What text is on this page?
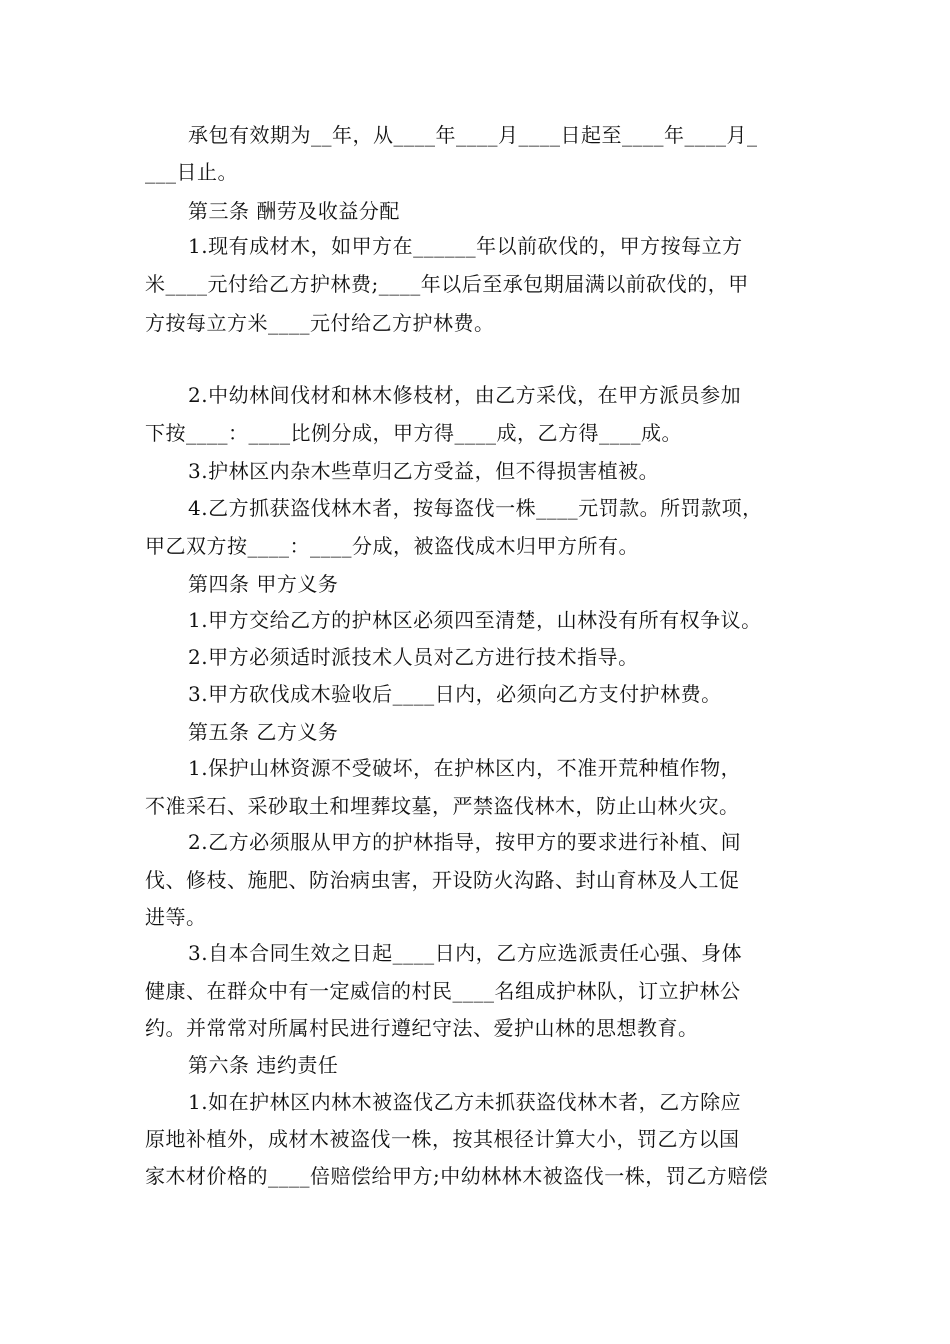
承包有效期为__年，从____年____月____日起至____年____月_
___日止。
第三条 酬劳及收益分配
1.现有成材木，如甲方在______年以前砍伐的，甲方按每立方
米____元付给乙方护林费;____年以后至承包期届满以前砍伐的，甲
方按每立方米____元付给乙方护林费。
2.中幼林间伐材和林木修枝材，由乙方采伐，在甲方派员参加
下按____：____比例分成，甲方得____成，乙方得____成。
3.护林区内杂木些草归乙方受益，但不得损害植被。
4.乙方抓获盗伐林木者，按每盗伐一株____元罚款。所罚款项，
甲乙双方按____：____分成，被盗伐成木归甲方所有。
第四条 甲方义务
1.甲方交给乙方的护林区必须四至清楚，山林没有所有权争议。
2.甲方必须适时派技术人员对乙方进行技术指导。
3.甲方砍伐成木验收后____日内，必须向乙方支付护林费。
第五条 乙方义务
1.保护山林资源不受破坏，在护林区内，不准开荒种植作物，
不准采石、采砂取土和埋葬坟墓，严禁盗伐林木，防止山林火灾。
2.乙方必须服从甲方的护林指导，按甲方的要求进行补植、间
伐、修枝、施肥、防治病虫害，开设防火沟路、封山育林及人工促
进等。
3.自本合同生效之日起____日内，乙方应选派责任心强、身体
健康、在群众中有一定威信的村民____名组成护林队，订立护林公
约。并常常对所属村民进行遵纪守法、爱护山林的思想教育。
第六条 违约责任
1.如在护林区内林木被盗伐乙方未抓获盗伐林木者，乙方除应
原地补植外，成材木被盗伐一株，按其根径计算大小，罚乙方以国
家木材价格的____倍赔偿给甲方;中幼林林木被盗伐一株，罚乙方赔偿
